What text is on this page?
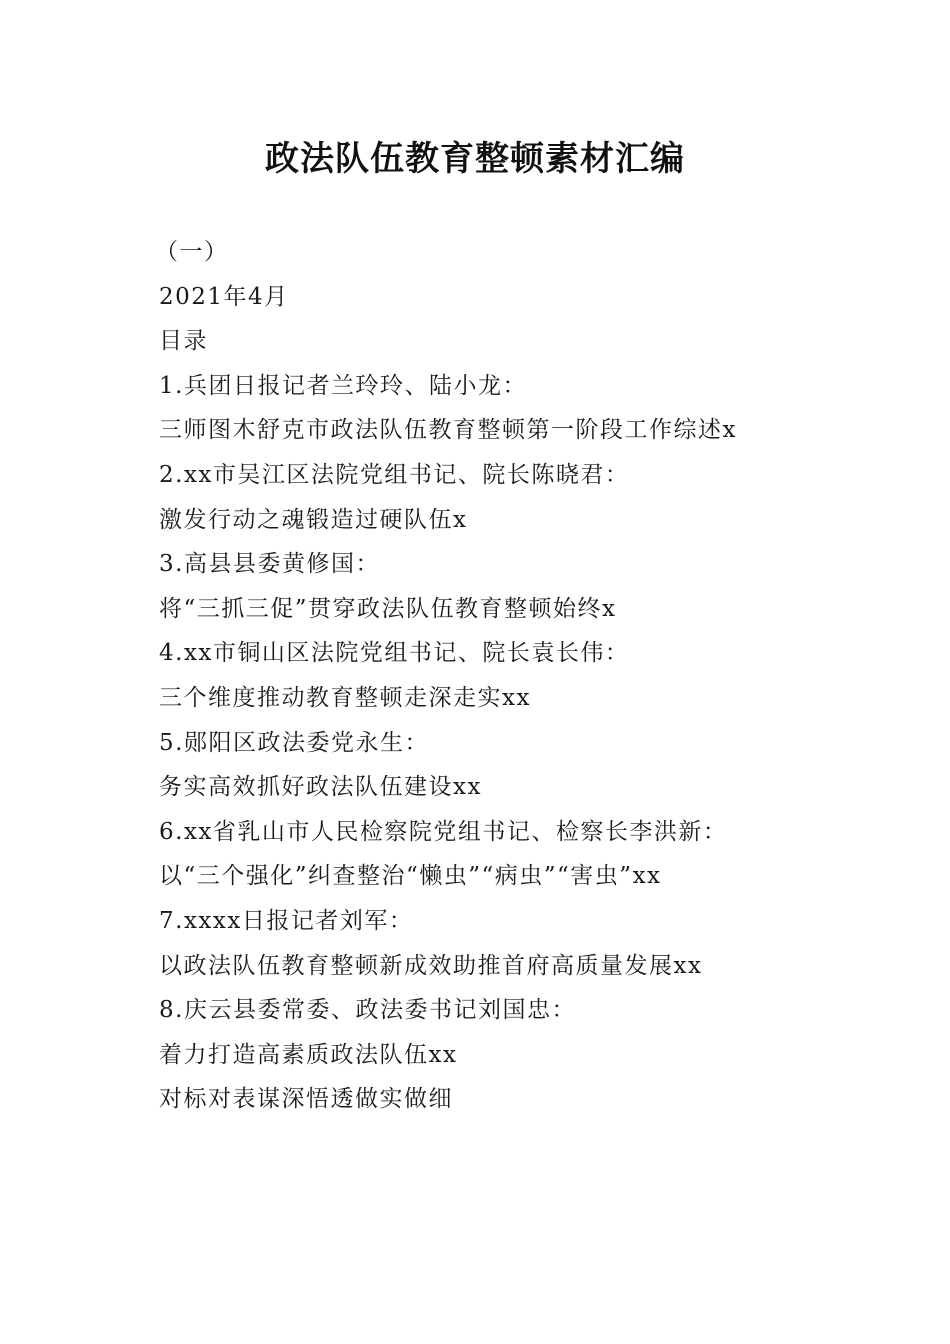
政法队伍教育整顿素材汇编
（一）
2021年4月
目录
1.兵团日报记者兰玲玲、陆小龙：
三师图木舒克市政法队伍教育整顿第一阶段工作综述x
2.xx市吴江区法院党组书记、院长陈晓君：
激发行动之魂锻造过硬队伍x
3.高县县委黄修国：
将“三抓三促”贯穿政法队伍教育整顿始终x
4.xx市铜山区法院党组书记、院长袁长伟：
三个维度推动教育整顿走深走实xx
5.郧阳区政法委党永生：
务实高效抓好政法队伍建设xx
6.xx省乳山市人民检察院党组书记、检察长李洪新：
以“三个强化”纠查整治“懒虫”“病虫”“害虫”xx
7.xxxx日报记者刘军：
以政法队伍教育整顿新成效助推首府高质量发展xx
8.庆云县委常委、政法委书记刘国忠：
着力打造高素质政法队伍xx
对标对表谋深悟透做实做细
